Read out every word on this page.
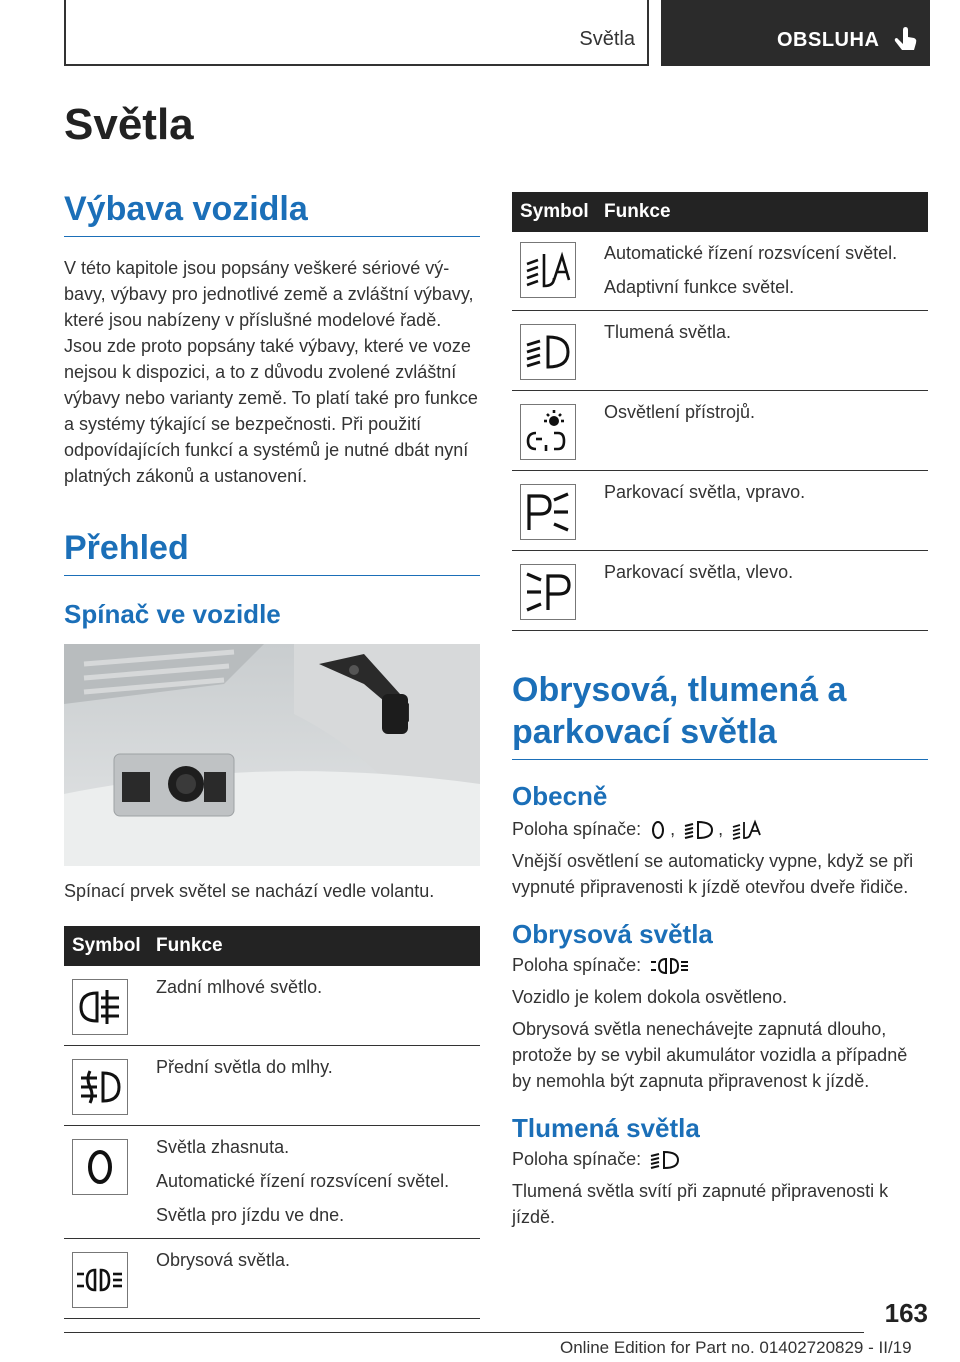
Světla	OBSLUHA
Světla
Výbava vozidla

V této kapitole jsou popsány veškeré sériové výbavy, výbavy pro jednotlivé země a zvláštní výbavy, které jsou nabízeny v příslušné modelové řadě. Jsou zde proto popsány také výbavy, které ve voze nejsou k dispozici, a to z důvodu zvolené zvláštní výbavy nebo varianty země. To platí také pro funkce a systémy týkající se bezpečnosti. Při použití odpovídajících funkcí a systémů je nutné dbát nyní platných zákonů a ustanovení.

Přehled
Spínač ve vozidle

Spínací prvek světel se nachází vedle volantu.

Symbol	Funkce

Zadní mlhové světlo.

Přední světla do mlhy.

Světla zhasnuta.
Automatické řízení rozsvícení světel.
Světla pro jízdu ve dne.

Obrysová světla.
Symbol	Funkce

Automatické řízení rozsvícení světel.
Adaptivní funkce světel.

Tlumená světla.

Osvětlení přístrojů.

Parkovací světla, vpravo.

Parkovací světla, vlevo.
Obrysová, tlumená a parkovací světla
Obecně

Poloha spínače: , ,

Vnější osvětlení se automaticky vypne, když se při vypnuté připravenosti k jízdě otevřou dveře řidiče.

Obrysová světla

Poloha spínače:

Vozidlo je kolem dokola osvětleno.

Obrysová světla nenechávejte zapnutá dlouho, protože by se vybil akumulátor vozidla a případně by nemohla být zapnuta připravenost k jízdě.

Tlumená světla

Poloha spínače:

Tlumená světla svítí při zapnuté připravenosti k jízdě.

163
Online Edition for Part no. 01402720829 - II/19
